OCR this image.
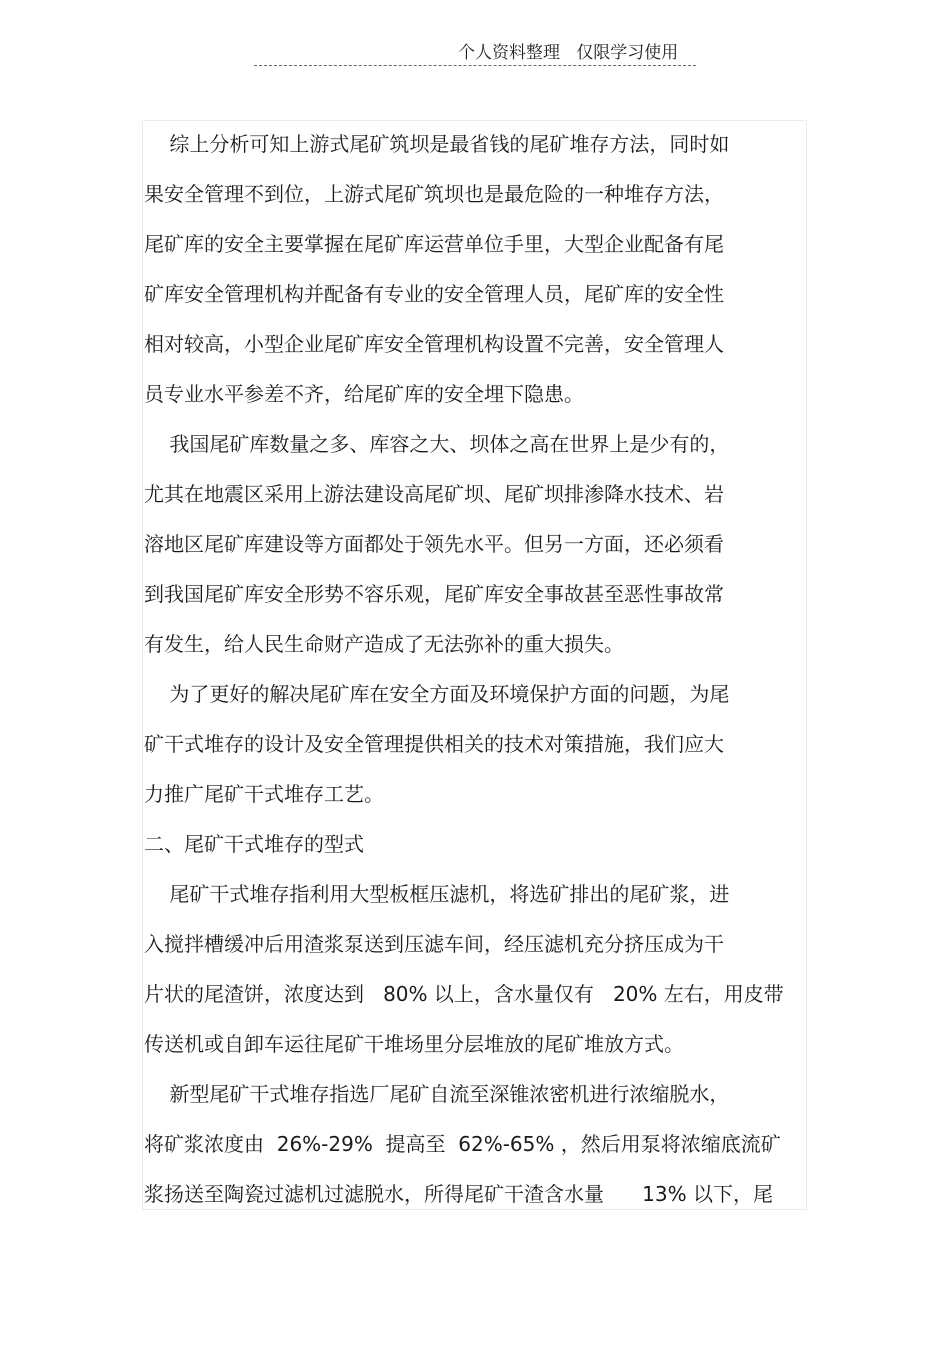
个人资料整理   仅限学习使用
综上分析可知上游式尾矿筑坝是最省钱的尾矿堆存方法，同时如
果安全管理不到位，上游式尾矿筑坝也是最危险的一种堆存方法，
尾矿库的安全主要掌握在尾矿库运营单位手里，大型企业配备有尾
矿库安全管理机构并配备有专业的安全管理人员，尾矿库的安全性
相对较高，小型企业尾矿库安全管理机构设置不完善，安全管理人
员专业水平参差不齐，给尾矿库的安全埋下隐患。
我国尾矿库数量之多、库容之大、坝体之高在世界上是少有的，
尤其在地震区采用上游法建设高尾矿坝、尾矿坝排渗降水技术、岩
溶地区尾矿库建设等方面都处于领先水平。但另一方面，还必须看
到我国尾矿库安全形势不容乐观，尾矿库安全事故甚至恶性事故常
有发生，给人民生命财产造成了无法弥补的重大损失。
为了更好的解决尾矿库在安全方面及环境保护方面的问题，为尾
矿干式堆存的设计及安全管理提供相关的技术对策措施，我们应大
力推广尾矿干式堆存工艺。
二、尾矿干式堆存的型式
尾矿干式堆存指利用大型板框压滤机，将选矿排出的尾矿浆，进
入搅拌槽缓冲后用渣浆泵送到压滤车间，经压滤机充分挤压成为干
片状的尾渣饼，浓度达到   80% 以上，含水量仅有   20% 左右，用皮带
传送机或自卸车运往尾矿干堆场里分层堆放的尾矿堆放方式。
新型尾矿干式堆存指选厂尾矿自流至深锥浓密机进行浓缩脱水，
将矿浆浓度由  26%-29%  提高至  62%-65% ，然后用泵将浓缩底流矿
浆扬送至陶瓷过滤机过滤脱水，所得尾矿干渣含水量      13% 以下，尾
